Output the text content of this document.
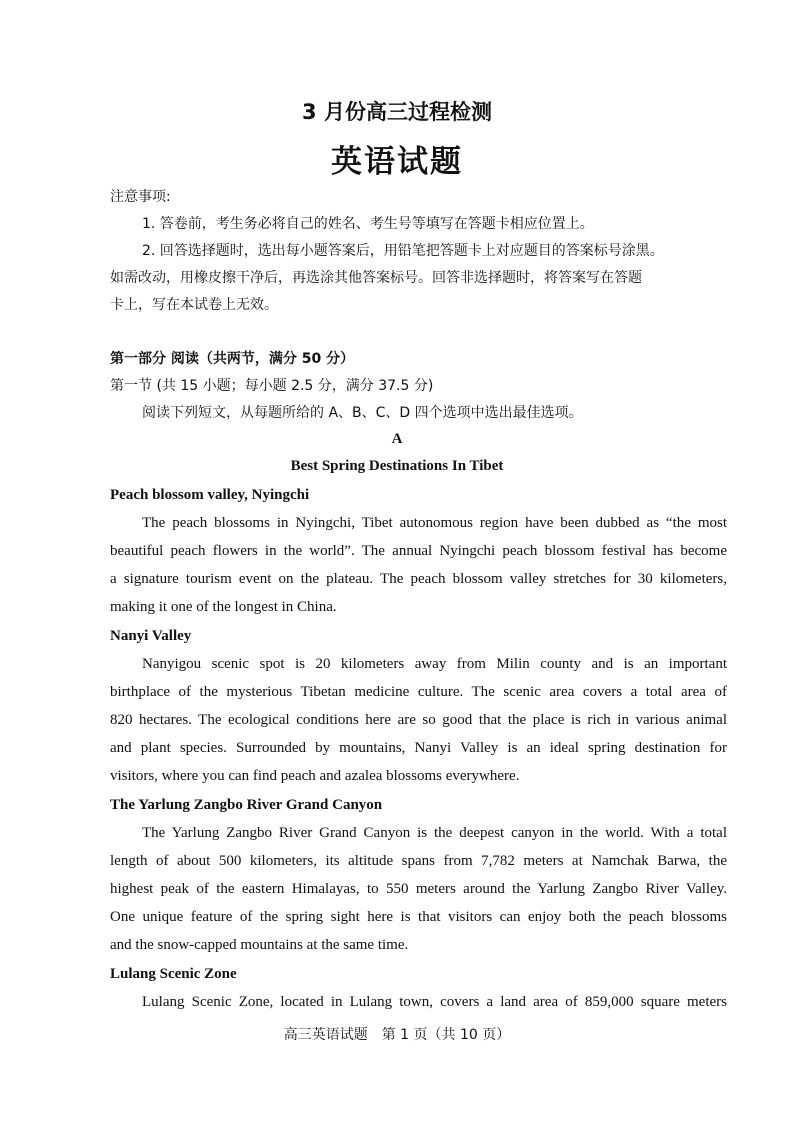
3 月份高三过程检测
英语试题
注意事项:
1. 答卷前，考生务必将自己的姓名、考生号等填写在答题卡相应位置上。
2. 回答选择题时，选出每小题答案后，用铅笔把答题卡上对应题目的答案标号涂黑。
如需改动，用橡皮擦干净后，再选涂其他答案标号。回答非选择题时，将答案写在答题
卡上，写在本试卷上无效。
第一部分 阅读（共两节，满分 50 分）
第一节 (共 15 小题；每小题 2.5 分，满分 37.5 分)
阅读下列短文，从每题所给的 A、B、C、D 四个选项中选出最佳选项。
A
Best Spring Destinations In Tibet
Peach blossom valley, Nyingchi
The peach blossoms in Nyingchi, Tibet autonomous region have been dubbed as “the most
beautiful peach flowers in the world”. The annual Nyingchi peach blossom festival has become
a signature tourism event on the plateau. The peach blossom valley stretches for 30 kilometers,
making it one of the longest in China.
Nanyi Valley
Nanyigou scenic spot is 20 kilometers away from Milin county and is an important
birthplace of the mysterious Tibetan medicine culture. The scenic area covers a total area of
820 hectares. The ecological conditions here are so good that the place is rich in various animal
and plant species. Surrounded by mountains, Nanyi Valley is an ideal spring destination for
visitors, where you can find peach and azalea blossoms everywhere.
The Yarlung Zangbo River Grand Canyon
The Yarlung Zangbo River Grand Canyon is the deepest canyon in the world. With a total
length of about 500 kilometers, its altitude spans from 7,782 meters at Namchak Barwa, the
highest peak of the eastern Himalayas, to 550 meters around the Yarlung Zangbo River Valley.
One unique feature of the spring sight here is that visitors can enjoy both the peach blossoms
and the snow-capped mountains at the same time.
Lulang Scenic Zone
Lulang Scenic Zone, located in Lulang town, covers a land area of 859,000 square meters
高三英语试题　第 1 页（共 10 页）
